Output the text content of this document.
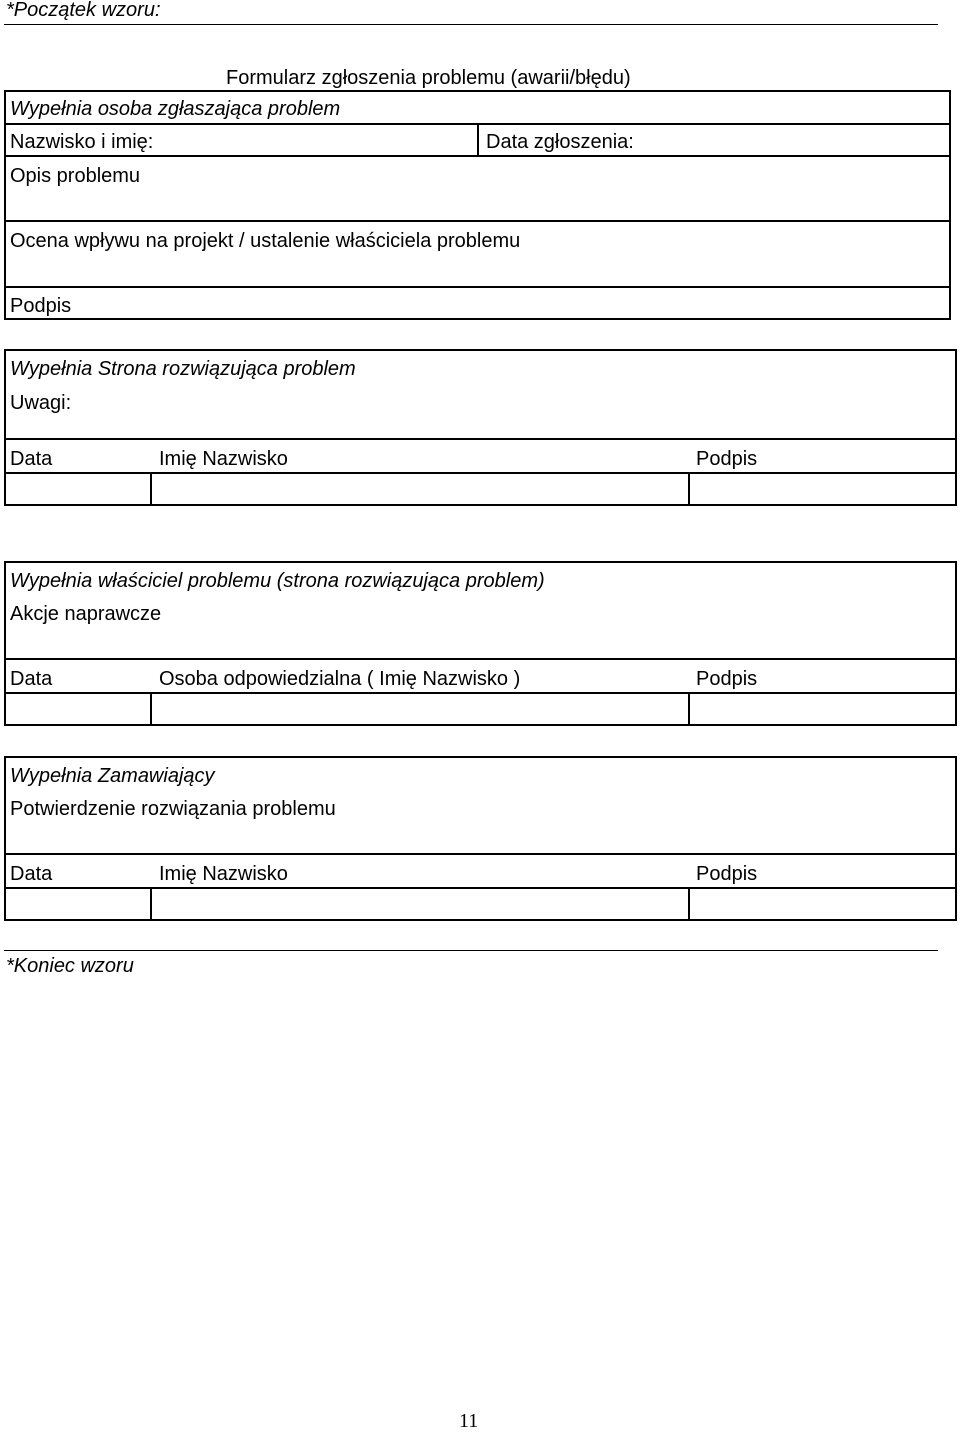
*Początek wzoru:
Formularz zgłoszenia problemu (awarii/błędu)
Wypełnia osoba zgłaszająca problem
Nazwisko i imię:	Data zgłoszenia:
Opis problemu
Ocena wpływu na projekt / ustalenie właściciela problemu
Podpis
Wypełnia Strona rozwiązująca problem
Uwagi:
Data	Imię Nazwisko	Podpis
Wypełnia właściciel problemu (strona rozwiązująca problem)
Akcje naprawcze
Data	Osoba odpowiedzialna ( Imię Nazwisko )	Podpis
Wypełnia Zamawiający
Potwierdzenie rozwiązania problemu
Data	Imię Nazwisko	Podpis
*Koniec wzoru
11
